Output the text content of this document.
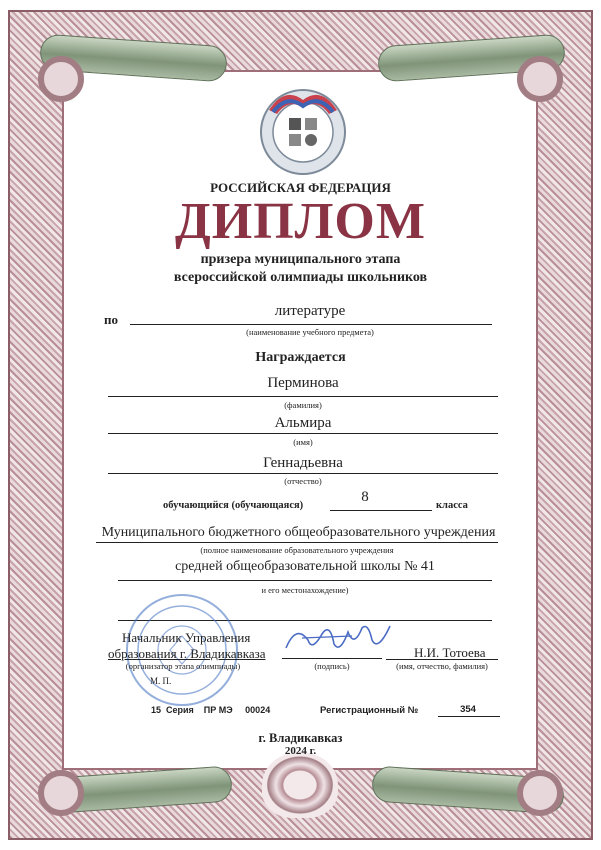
РОССИЙСКАЯ ФЕДЕРАЦИЯ
ДИПЛОМ
призера муниципального этапа
всероссийской олимпиады школьников
по
литературе
(наименование учебного предмета)
Награждается
Перминова
(фамилия)
Альмира
(имя)
Геннадьевна
(отчество)
обучающийся (обучающаяся)
8
класса
Муниципального бюджетного общеобразовательного учреждения
(полное наименование образовательного учреждения
средней общеобразовательной школы № 41
и его местонахождение)
Начальник Управления
образования г. Владикавказа
(организатор этапа олимпиады)	(подпись)
Н.И. Тотоева
(имя, отчество, фамилия)
М. П.
15  Серия    ПР МЭ     00024	Регистрационный №	354
г. Владикавказ
2024 г.
